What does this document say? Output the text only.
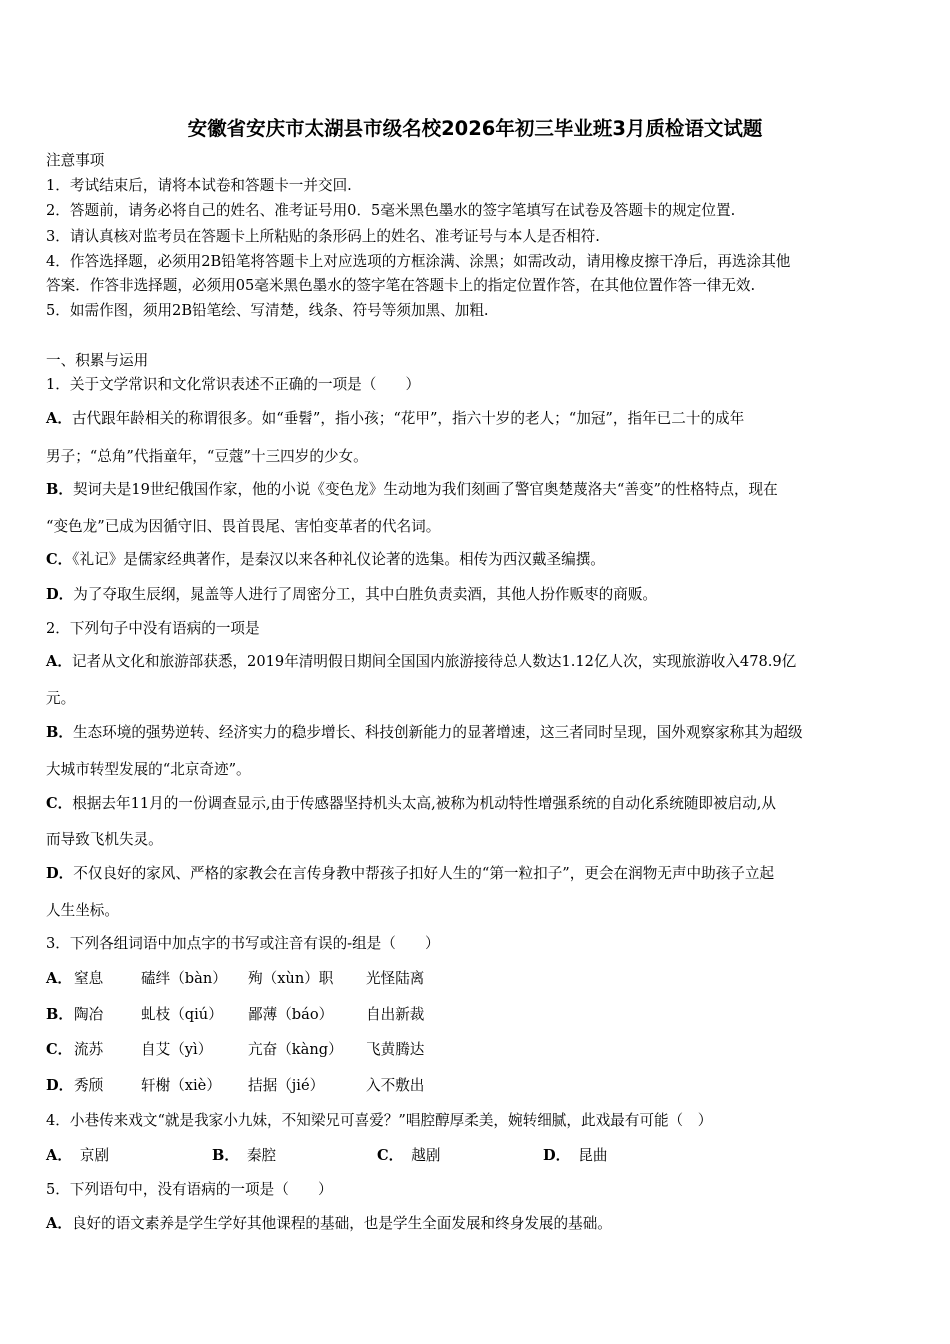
安徽省安庆市太湖县市级名校2026年初三毕业班3月质检语文试题
注意事项
1．考试结束后，请将本试卷和答题卡一并交回.
2．答题前，请务必将自己的姓名、准考证号用0．5毫米黑色墨水的签字笔填写在试卷及答题卡的规定位置.
3．请认真核对监考员在答题卡上所粘贴的条形码上的姓名、准考证号与本人是否相符.
4．作答选择题，必须用2B铅笔将答题卡上对应选项的方框涂满、涂黑；如需改动，请用橡皮擦干净后，再选涂其他
答案．作答非选择题，必须用05毫米黑色墨水的签字笔在答题卡上的指定位置作答，在其他位置作答一律无效.
5．如需作图，须用2B铅笔绘、写清楚，线条、符号等须加黑、加粗.
一、积累与运用
1．关于文学常识和文化常识表述不正确的一项是（　　）
A．古代跟年龄相关的称谓很多。如“垂髫”，指小孩；“花甲”，指六十岁的老人；“加冠”，指年已二十的成年
男子；“总角”代指童年，“豆蔻”十三四岁的少女。
B．契诃夫是19世纪俄国作家，他的小说《变色龙》生动地为我们刻画了警官奥楚蔑洛夫“善变”的性格特点，现在
“变色龙”已成为因循守旧、畏首畏尾、害怕变革者的代名词。
C．《礼记》是儒家经典著作，是秦汉以来各种礼仪论著的选集。相传为西汉戴圣编撰。
D．为了夺取生辰纲，晁盖等人进行了周密分工，其中白胜负责卖酒，其他人扮作贩枣的商贩。
2．下列句子中没有语病的一项是
A．记者从文化和旅游部获悉，2019年清明假日期间全国国内旅游接待总人数达1.12亿人次，实现旅游收入478.9亿
元。
B．生态环境的强势逆转、经济实力的稳步增长、科技创新能力的显著增速，这三者同时呈现，国外观察家称其为超级
大城市转型发展的“北京奇迹”。
C．根据去年11月的一份调查显示,由于传感器坚持机头太高,被称为机动特性增强系统的自动化系统随即被启动,从
而导致飞机失灵。
D．不仅良好的家风、严格的家教会在言传身教中帮孩子扣好人生的“第一粒扣子”，更会在润物无声中助孩子立起
人生坐标。
3．下列各组词语中加点字的书写或注音有误的-组是（　　）
A． 窒息	磕绊（bàn） 殉（xùn）职 光怪陆离
B． 陶冶	虬枝（qiú） 鄙薄（báo） 自出新裁
C． 流苏	自艾（yì） 亢奋（kàng） 飞黄腾达
D． 秀颀	轩榭（xiè） 拮据（jié）	入不敷出
4．小巷传来戏文“就是我家小九妹，不知梁兄可喜爱？”唱腔醇厚柔美，婉转细腻，此戏最有可能（　）
A． 京剧	B． 秦腔	C． 越剧	D． 昆曲
5．下列语句中，没有语病的一项是（　　）
A．良好的语文素养是学生学好其他课程的基础，也是学生全面发展和终身发展的基础。
